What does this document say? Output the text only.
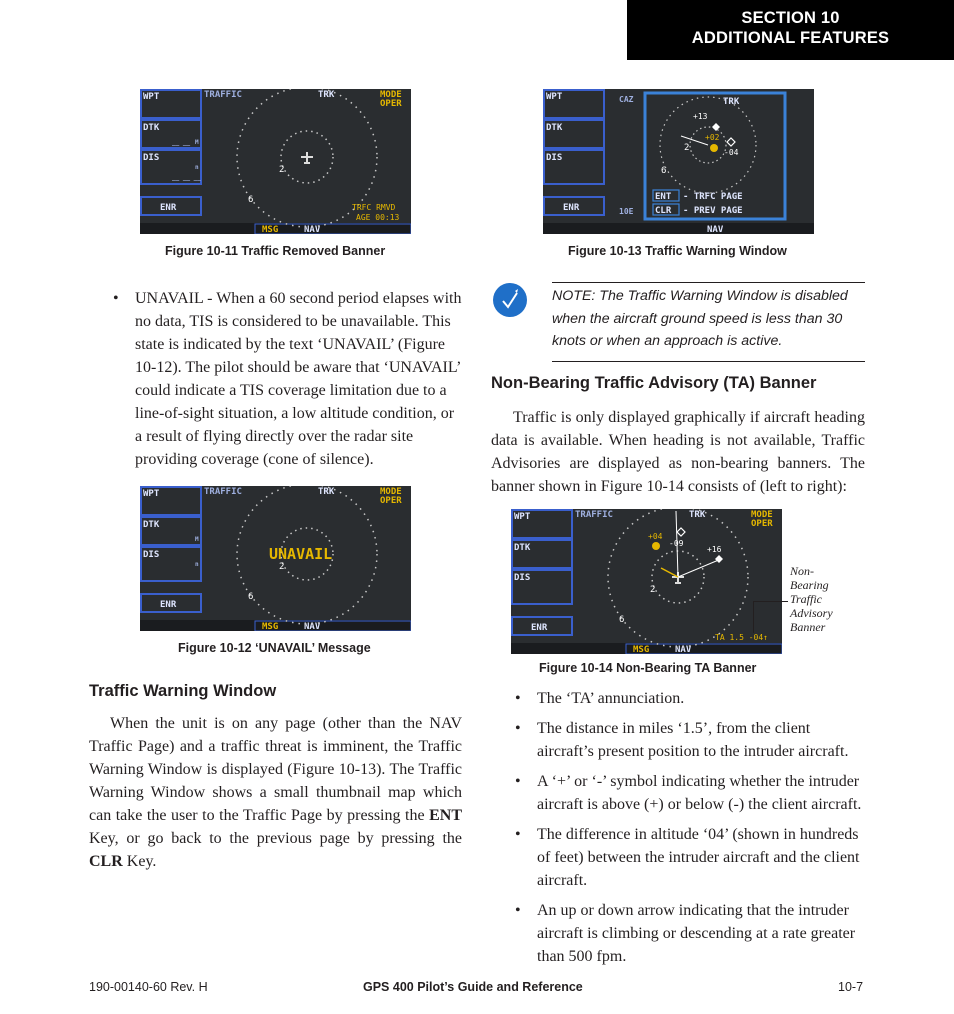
SECTION 10
ADDITIONAL FEATURES
WPT
DTK
__ __ M
DIS
n
__ __ __
ENR
MSG	NAV
TRAFFIC	TRK	MODE
OPER
2
6
TRFC RMVD
AGE 00:13
Figure 10-11 Traffic Removed Banner
WPT
DTK
DIS
ENR
NAV
CAZ
10E
TRK
+13
+02
-04
2
6
ENT - TRFC PAGE
CLR - PREV PAGE
Figure 10-13 Traffic Warning Window
• UNAVAIL - When a 60 second period elapses with no data, TIS is considered to be unavailable. This state is indicated by the text ‘UNAVAIL’ (Figure 10-12). The pilot should be aware that ‘UNAVAIL’ could indicate a TIS coverage limitation due to a line-of-sight situation, a low altitude condition, or a result of flying directly over the radar site providing coverage (cone of silence).
NOTE: The Traffic Warning Window is disabled when the aircraft ground speed is less than 30 knots or when an approach is active.
Non-Bearing Traffic Advisory (TA) Banner
Traffic is only displayed graphically if aircraft heading data is available. When heading is not available, Traffic Advisories are displayed as non-bearing banners. The banner shown in Figure 10-14 consists of (left to right):
WPT
DTK
M
DIS
n
ENR
MSG	NAV
TRAFFIC	TRK	MODE
OPER
UNAVAIL
2
6
Figure 10-12 ‘UNAVAIL’ Message
WPT
DTK
DIS
ENR
MSG	NAV
TRAFFIC	TRK	MODE
OPER
+04
-09
+16
2
6
TA 1.5 -04↑
Non-
Bearing
Traffic
Advisory
Banner
Figure 10-14 Non-Bearing TA Banner
Traffic Warning Window
When the unit is on any page (other than the NAV Traffic Page) and a traffic threat is imminent, the Traffic Warning Window is displayed (Figure 10-13). The Traffic Warning Window shows a small thumbnail map which can take the user to the Traffic Page by pressing the ENT Key, or go back to the previous page by pressing the CLR Key.
• The ‘TA’ annunciation.
• The distance in miles ‘1.5’, from the client aircraft’s present position to the intruder aircraft.
• A ‘+’ or ‘-’ symbol indicating whether the intruder aircraft is above (+) or below (-) the client aircraft.
• The difference in altitude ‘04’ (shown in hundreds of feet) between the intruder aircraft and the client aircraft.
• An up or down arrow indicating that the intruder aircraft is climbing or descending at a rate greater than 500 fpm.
190-00140-60 Rev. H	GPS 400 Pilot’s Guide and Reference	10-7
